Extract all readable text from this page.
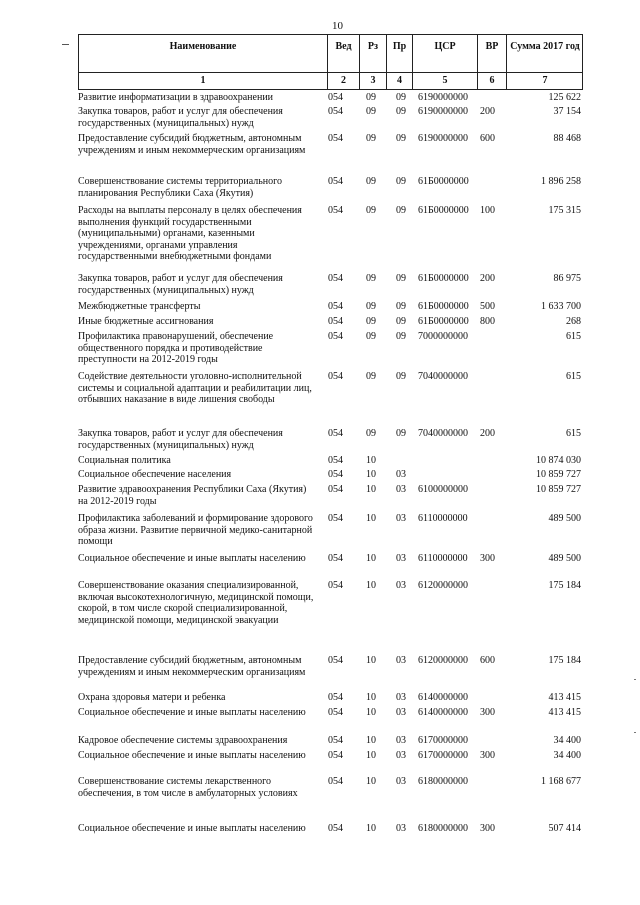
10
Наименование	Вед	Рз	Пр	ЦСР	ВР	Сумма 2017 год
1	2	3	4	5	6	7
Развитие информатизации в здравоохранении	054 09 09 6190000000	125 622
Закупка товаров, работ и услуг для обеспечения государственных (муниципальных) нужд
054 09 09 6190000000 200	37 154
Предоставление субсидий бюджетным, автономным учреждениям и иным некоммерческим организациям
054 09 09 6190000000 600	88 468
Совершенствование системы территориального планирования Республики Саха (Якутия)
054 09 09 61Б0000000	1 896 258
Расходы на выплаты персоналу в целях обеспечения выполнения функций государственными (муниципальными) органами, казенными учреждениями, органами управления государственными внебюджетными фондами
054 09 09 61Б0000000 100	175 315
Закупка товаров, работ и услуг для обеспечения государственных (муниципальных) нужд
054 09 09 61Б0000000 200	86 975
Межбюджетные трансферты	054 09 09 61Б0000000 500	1 633 700
Иные бюджетные ассигнования	054 09 09 61Б0000000 800	268
Профилактика правонарушений, обеспечение общественного порядка и противодействие преступности на 2012-2019 годы
054 09 09 7000000000	615
Содействие деятельности уголовно-исполнительной системы и социальной адаптации и реабилитации лиц, отбывших наказание в виде лишения свободы
054 09 09 7040000000	615
Закупка товаров, работ и услуг для обеспечения государственных (муниципальных) нужд
054 09 09 7040000000 200	615
Социальная политика	054 10	10 874 030
Социальное обеспечение населения	054 10 03	10 859 727
Развитие здравоохранения Республики Саха (Якутия) на 2012-2019 годы
054 10 03 6100000000	10 859 727
Профилактика заболеваний и формирование здорового образа жизни. Развитие первичной медико-санитарной помощи
054 10 03 6110000000	489 500
Социальное обеспечение и иные выплаты населению	054 10 03 6110000000 300	489 500
Совершенствование оказания специализированной, включая высокотехнологичную, медицинской помощи, скорой, в том числе скорой специализированной, медицинской помощи, медицинской эвакуации
054 10 03 6120000000	175 184
Предоставление субсидий бюджетным, автономным учреждениям и иным некоммерческим организациям
054 10 03 6120000000 600	175 184
Охрана здоровья матери и ребенка	054 10 03 6140000000	413 415
Социальное обеспечение и иные выплаты населению	054 10 03 6140000000 300	413 415
Кадровое обеспечение системы здравоохранения	054 10 03 6170000000	34 400
Социальное обеспечение и иные выплаты населению	054 10 03 6170000000 300	34 400
Совершенствование системы лекарственного обеспечения, в том числе в амбулаторных условиях
054 10 03 6180000000	1 168 677
Социальное обеспечение и иные выплаты населению	054 10 03 6180000000 300	507 414
